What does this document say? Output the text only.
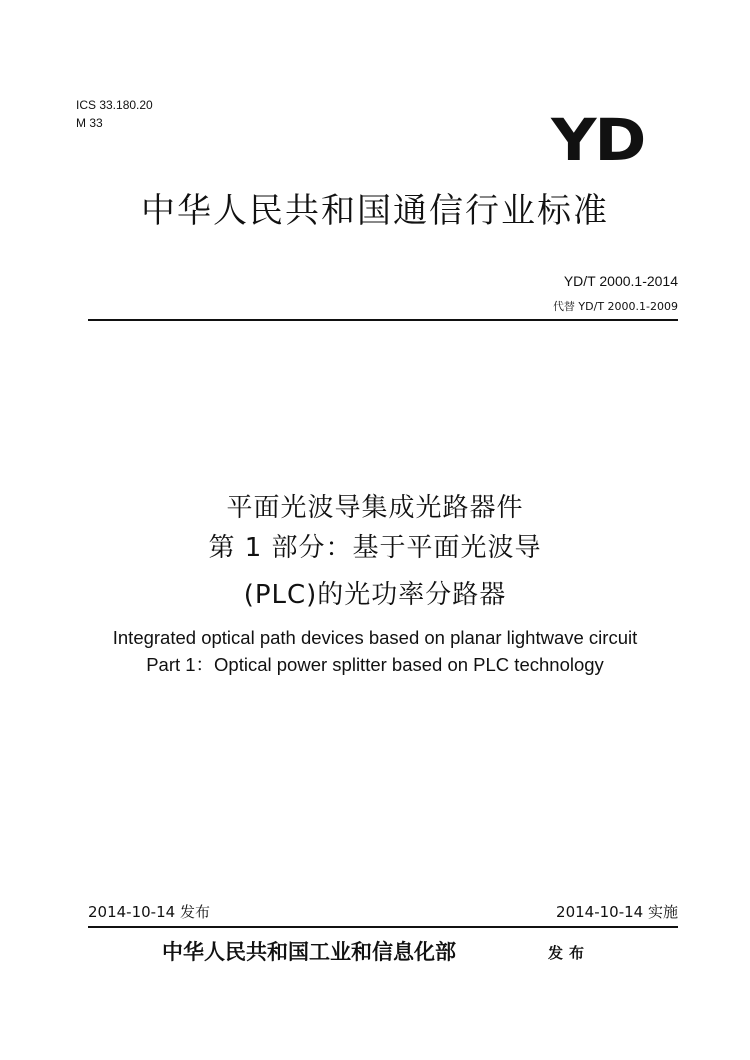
ICS 33.180.20
M 33	YD
中华人民共和国通信行业标准
YD/T 2000.1-2014
代替 YD/T 2000.1-2009
平面光波导集成光路器件
第 1 部分：基于平面光波导
(PLC)的光功率分路器
Integrated optical path devices based on planar lightwave circuit
Part 1：Optical power splitter based on PLC technology
2014-10-14 发布	2014-10-14 实施
中华人民共和国工业和信息化部	发布
